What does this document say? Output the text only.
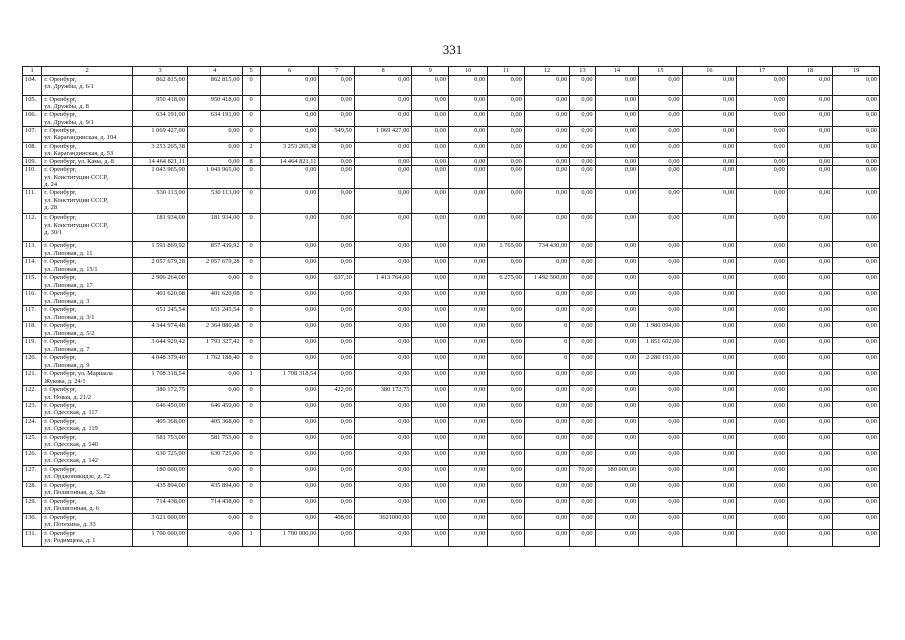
331
1	2	3	4	5	6	7	8	9	10	11	12	13	14	15	16	17	18	19
104.	г. Оренбург,
ул. Дружбы, д. 6/1	862 815,00	862 815,00	0	0,00	0,00	0,00	0,00	0,00	0,00	0,00	0,00	0,00	0,00	0,00	0,00	0,00	0,00
105.	г. Оренбург,
ул. Дружбы, д. 8	950 418,00	950 418,00	0	0,00	0,00	0,00	0,00	0,00	0,00	0,00	0,00	0,00	0,00	0,00	0,00	0,00	0,00
106.	г. Оренбург,
ул. Дружбы, д. 9/1	634 191,00	634 191,00	0	0,00	0,00	0,00	0,00	0,00	0,00	0,00	0,00	0,00	0,00	0,00	0,00	0,00	0,00
107.	г. Оренбург,
ул. Карагандинская, д. 104	1 069 427,00	0,00	0	0,00	549,50	1 069 427,00	0,00	0,00	0,00	0,00	0,00	0,00	0,00	0,00	0,00	0,00	0,00
108.	г. Оренбург,
ул. Карагандинская, д. 53	3 253 265,38	0,00	2	3 253 265,38	0,00	0,00	0,00	0,00	0,00	0,00	0,00	0,00	0,00	0,00	0,00	0,00	0,00
109.	г. Оренбург, ул. Кама, д. 8	14 464 821,11	0,00	8	14 464 821,11	0,00	0,00	0,00	0,00	0,00	0,00	0,00	0,00	0,00	0,00	0,00	0,00	0,00
110.	г. Оренбург,
ул. Конституции СССР,
д. 24	1 043 965,00	1 043 965,00	0	0,00	0,00	0,00	0,00	0,00	0,00	0,00	0,00	0,00	0,00	0,00	0,00	0,00	0,00
111.	г. Оренбург,
ул. Конституции СССР,
д. 28	530 113,00	530 113,00	0	0,00	0,00	0,00	0,00	0,00	0,00	0,00	0,00	0,00	0,00	0,00	0,00	0,00	0,00
112.	г. Оренбург,
ул. Конституции СССР,
д. 30/1	181 934,00	181 934,00	0	0,00	0,00	0,00	0,00	0,00	0,00	0,00	0,00	0,00	0,00	0,00	0,00	0,00	0,00
113.	г. Оренбург,
ул. Липовая, д. 11	1 591 869,92	857 439,92	0	0,00	0,00	0,00	0,00	0,00	1 765,00	734 430,00	0,00	0,00	0,00	0,00	0,00	0,00	0,00
114.	г. Оренбург,
ул. Липовая, д. 15/1	2 057 679,28	2 057 679,28	0	0,00	0,00	0,00	0,00	0,00	0,00	0,00	0,00	0,00	0,00	0,00	0,00	0,00	0,00
115.	г. Оренбург,
ул. Липовая, д. 17	2 906 264,00	0,00	0	0,00	637,30	1 413 764,00	0,00	0,00	6 275,00	1 492 500,00	0,00	0,00	0,00	0,00	0,00	0,00	0,00
116.	г. Оренбург,
ул. Липовая, д. 3	401 620,08	401 620,08	0	0,00	0,00	0,00	0,00	0,00	0,00	0,00	0,00	0,00	0,00	0,00	0,00	0,00	0,00
117.	г. Оренбург,
ул. Липовая, д. 3/1	651 245,54	651 245,54	0	0,00	0,00	0,00	0,00	0,00	0,00	0,00	0,00	0,00	0,00	0,00	0,00	0,00	0,00
118.	г. Оренбург,
ул. Липовая, д. 5/2	4 344 974,48	2 364 880,48	0	0,00	0,00	0,00	0,00	0,00	0,00	0	0,00	0,00	1 980 094,00	0,00	0,00	0,00	0,00
119.	г. Оренбург,
ул. Липовая, д. 7	3 644 929,42	1 793 327,42	0	0,00	0,00	0,00	0,00	0,00	0,00	0	0,00	0,00	1 851 602,00	0,00	0,00	0,00	0,00
120.	г. Оренбург,
ул. Липовая, д. 9	4 048 379,40	1 762 188,40	0	0,00	0,00	0,00	0,00	0,00	0,00	0	0,00	0,00	2 286 191,00	0,00	0,00	0,00	0,00
121.	г. Оренбург, ул. Маршала
Жукова, д. 24/1	1 708 318,54	0,00	1	1 708 318,54	0,00	0,00	0,00	0,00	0,00	0,00	0,00	0,00	0,00	0,00	0,00	0,00	0,00
122.	г. Оренбург,
ул. Новая, д. 21/2	380 172,75	0,00	0	0,00	422,00	380 172,75	0,00	0,00	0,00	0,00	0,00	0,00	0,00	0,00	0,00	0,00	0,00
123.	г. Оренбург,
ул. Одесская, д. 117	646 450,00	646 450,00	0	0,00	0,00	0,00	0,00	0,00	0,00	0,00	0,00	0,00	0,00	0,00	0,00	0,00	0,00
124.	г. Оренбург,
ул. Одесская, д. 119	405 368,00	405 368,00	0	0,00	0,00	0,00	0,00	0,00	0,00	0,00	0,00	0,00	0,00	0,00	0,00	0,00	0,00
125.	г. Оренбург,
ул. Одесская, д. 140	581 753,00	581 753,00	0	0,00	0,00	0,00	0,00	0,00	0,00	0,00	0,00	0,00	0,00	0,00	0,00	0,00	0,00
126.	г. Оренбург,
ул. Одесская, д. 142	630 725,00	630 725,00	0	0,00	0,00	0,00	0,00	0,00	0,00	0,00	0,00	0,00	0,00	0,00	0,00	0,00	0,00
127.	г. Оренбург,
ул. Орджоникидзе, д. 72	180 000,00	0,00	0	0,00	0,00	0,00	0,00	0,00	0,00	0,00	70,00	180 000,00	0,00	0,00	0,00	0,00	0,00
128.	г. Оренбург,
ул. Полигонная, д. 32в	435 894,00	435 894,00	0	0,00	0,00	0,00	0,00	0,00	0,00	0,00	0,00	0,00	0,00	0,00	0,00	0,00	0,00
129.	г. Оренбург,
ул. Полигонная, д. 6	714 438,00	714 438,00	0	0,00	0,00	0,00	0,00	0,00	0,00	0,00	0,00	0,00	0,00	0,00	0,00	0,00	0,00
130.	г. Оренбург,
ул. Потехина, д. 33	3 621 000,00	0,00	0	0,00	408,00	3621000,00	0,00	0,00	0,00	0,00	0,00	0,00	0,00	0,00	0,00	0,00	0,00
131.	г. Оренбург
ул. Родимцева, д. 1	1 700 000,00	0,00	1	1 700 000,00	0,00	0,00	0,00	0,00	0,00	0,00	0,00	0,00	0,00	0,00	0,00	0,00	0,00
